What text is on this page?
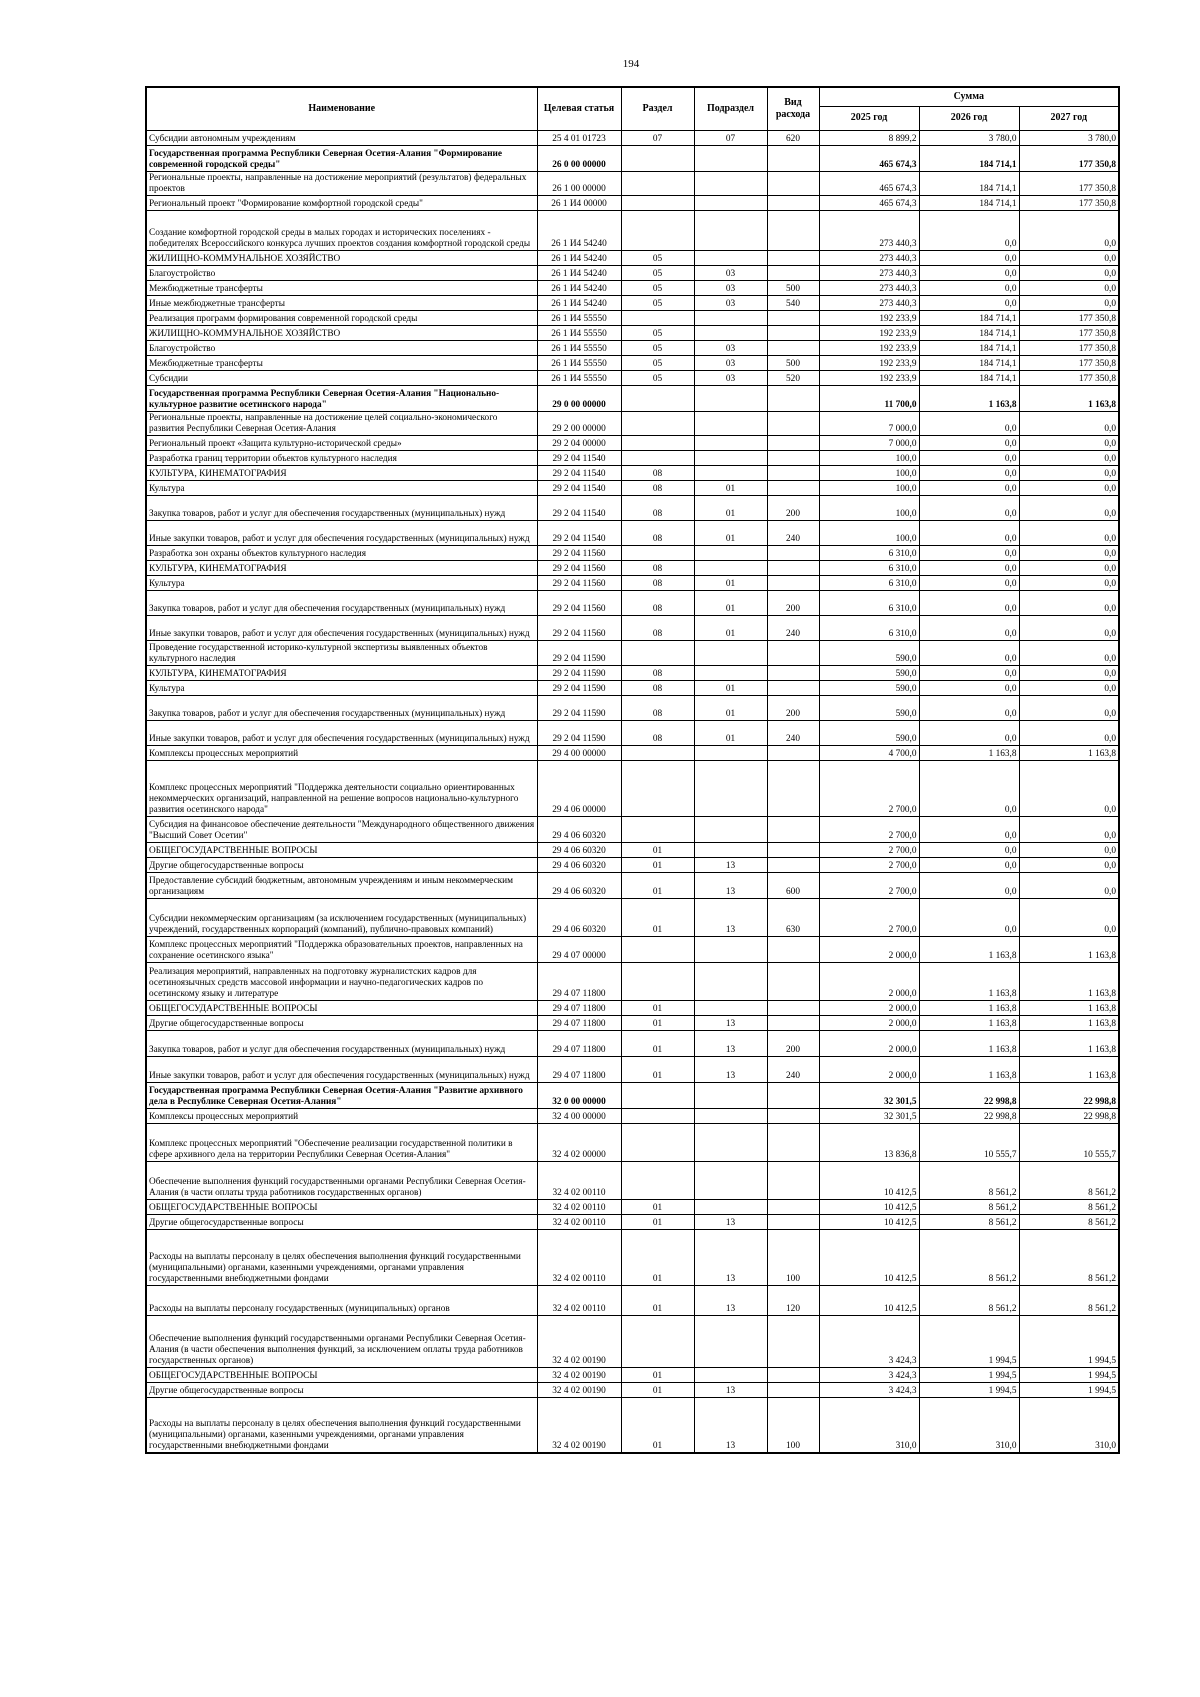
194
Наименование	Целевая статья	Раздел	Подраздел	Вид расхода	Сумма		
					2025 год	2026 год	2027 год
Субсидии автономным учреждениям	25 4 01 01723	07	07	620	8 899,2	3 780,0	3 780,0
Государственная программа Республики Северная Осетия-Алания "Формирование современной городской среды"	26 0 00 00000				465 674,3	184 714,1	177 350,8
Региональные проекты, направленные на достижение мероприятий (результатов) федеральных проектов	26 1 00 00000				465 674,3	184 714,1	177 350,8
Региональный проект "Формирование комфортной городской среды"	26 1 И4 00000				465 674,3	184 714,1	177 350,8
Создание комфортной городской среды в малых городах и исторических поселениях - победителях Всероссийского конкурса лучших проектов создания комфортной городской среды	26 1 И4 54240				273 440,3	0,0	0,0
ЖИЛИЩНО-КОММУНАЛЬНОЕ ХОЗЯЙСТВО	26 1 И4 54240	05			273 440,3	0,0	0,0
Благоустройство	26 1 И4 54240	05	03		273 440,3	0,0	0,0
Межбюджетные трансферты	26 1 И4 54240	05	03	500	273 440,3	0,0	0,0
Иные межбюджетные трансферты	26 1 И4 54240	05	03	540	273 440,3	0,0	0,0
Реализация программ формирования современной городской среды	26 1 И4 55550				192 233,9	184 714,1	177 350,8
ЖИЛИЩНО-КОММУНАЛЬНОЕ ХОЗЯЙСТВО	26 1 И4 55550	05			192 233,9	184 714,1	177 350,8
Благоустройство	26 1 И4 55550	05	03		192 233,9	184 714,1	177 350,8
Межбюджетные трансферты	26 1 И4 55550	05	03	500	192 233,9	184 714,1	177 350,8
Субсидии	26 1 И4 55550	05	03	520	192 233,9	184 714,1	177 350,8
Государственная программа Республики Северная Осетия-Алания "Национально-культурное развитие осетинского народа"	29 0 00 00000				11 700,0	1 163,8	1 163,8
Региональные проекты, направленные на достижение целей социально-экономического развития Республики Северная Осетия-Алания	29 2 00 00000				7 000,0	0,0	0,0
Региональный проект «Защита культурно-исторической среды»	29 2 04 00000				7 000,0	0,0	0,0
Разработка границ территории объектов культурного наследия	29 2 04 11540				100,0	0,0	0,0
КУЛЬТУРА, КИНЕМАТОГРАФИЯ	29 2 04 11540	08			100,0	0,0	0,0
Культура	29 2 04 11540	08	01		100,0	0,0	0,0
Закупка товаров, работ и услуг для обеспечения государственных (муниципальных) нужд	29 2 04 11540	08	01	200	100,0	0,0	0,0
Иные закупки товаров, работ и услуг для обеспечения государственных (муниципальных) нужд	29 2 04 11540	08	01	240	100,0	0,0	0,0
Разработка зон охраны объектов культурного наследия	29 2 04 11560				6 310,0	0,0	0,0
КУЛЬТУРА, КИНЕМАТОГРАФИЯ	29 2 04 11560	08			6 310,0	0,0	0,0
Культура	29 2 04 11560	08	01		6 310,0	0,0	0,0
Закупка товаров, работ и услуг для обеспечения государственных (муниципальных) нужд	29 2 04 11560	08	01	200	6 310,0	0,0	0,0
Иные закупки товаров, работ и услуг для обеспечения государственных (муниципальных) нужд	29 2 04 11560	08	01	240	6 310,0	0,0	0,0
Проведение государственной историко-культурной экспертизы выявленных объектов культурного наследия	29 2 04 11590				590,0	0,0	0,0
КУЛЬТУРА, КИНЕМАТОГРАФИЯ	29 2 04 11590	08			590,0	0,0	0,0
Культура	29 2 04 11590	08	01		590,0	0,0	0,0
Закупка товаров, работ и услуг для обеспечения государственных (муниципальных) нужд	29 2 04 11590	08	01	200	590,0	0,0	0,0
Иные закупки товаров, работ и услуг для обеспечения государственных (муниципальных) нужд	29 2 04 11590	08	01	240	590,0	0,0	0,0
Комплексы процессных мероприятий	29 4 00 00000				4 700,0	1 163,8	1 163,8
Комплекс процессных мероприятий "Поддержка деятельности социально ориентированных некоммерческих организаций, направленной на решение вопросов национально-культурного развития осетинского народа"	29 4 06 00000				2 700,0	0,0	0,0
Субсидия на финансовое обеспечение деятельности "Международного общественного движения "Высший Совет Осетии"	29 4 06 60320				2 700,0	0,0	0,0
ОБЩЕГОСУДАРСТВЕННЫЕ ВОПРОСЫ	29 4 06 60320	01			2 700,0	0,0	0,0
Другие общегосударственные вопросы	29 4 06 60320	01	13		2 700,0	0,0	0,0
Предоставление субсидий бюджетным, автономным учреждениям и иным некоммерческим организациям	29 4 06 60320	01	13	600	2 700,0	0,0	0,0
Субсидии некоммерческим организациям (за исключением государственных (муниципальных) учреждений, государственных корпораций (компаний), публично-правовых компаний)	29 4 06 60320	01	13	630	2 700,0	0,0	0,0
Комплекс процессных мероприятий "Поддержка образовательных проектов, направленных на сохранение осетинского языка"	29 4 07 00000				2 000,0	1 163,8	1 163,8
Реализация мероприятий, направленных на подготовку журналистских кадров для осетиноязычных средств массовой информации и научно-педагогических кадров по осетинскому языку и литературе	29 4 07 11800				2 000,0	1 163,8	1 163,8
ОБЩЕГОСУДАРСТВЕННЫЕ ВОПРОСЫ	29 4 07 11800	01			2 000,0	1 163,8	1 163,8
Другие общегосударственные вопросы	29 4 07 11800	01	13		2 000,0	1 163,8	1 163,8
Закупка товаров, работ и услуг для обеспечения государственных (муниципальных) нужд	29 4 07 11800	01	13	200	2 000,0	1 163,8	1 163,8
Иные закупки товаров, работ и услуг для обеспечения государственных (муниципальных) нужд	29 4 07 11800	01	13	240	2 000,0	1 163,8	1 163,8
Государственная программа Республики Северная Осетия-Алания "Развитие архивного дела в Республике Северная Осетия-Алания"	32 0 00 00000				32 301,5	22 998,8	22 998,8
Комплексы процессных мероприятий	32 4 00 00000				32 301,5	22 998,8	22 998,8
Комплекс процессных мероприятий "Обеспечение реализации государственной политики в сфере архивного дела на территории Республики Северная Осетия-Алания"	32 4 02 00000				13 836,8	10 555,7	10 555,7
Обеспечение выполнения функций государственными органами Республики Северная Осетия-Алания (в части оплаты труда работников государственных органов)	32 4 02 00110				10 412,5	8 561,2	8 561,2
ОБЩЕГОСУДАРСТВЕННЫЕ ВОПРОСЫ	32 4 02 00110	01			10 412,5	8 561,2	8 561,2
Другие общегосударственные вопросы	32 4 02 00110	01	13		10 412,5	8 561,2	8 561,2
Расходы на выплаты персоналу в целях обеспечения выполнения функций государственными (муниципальными) органами, казенными учреждениями, органами управления государственными внебюджетными фондами	32 4 02 00110	01	13	100	10 412,5	8 561,2	8 561,2
Расходы на выплаты персоналу государственных (муниципальных) органов	32 4 02 00110	01	13	120	10 412,5	8 561,2	8 561,2
Обеспечение выполнения функций государственными органами Республики Северная Осетия-Алания (в части обеспечения выполнения функций, за исключением оплаты труда работников государственных органов)	32 4 02 00190				3 424,3	1 994,5	1 994,5
ОБЩЕГОСУДАРСТВЕННЫЕ ВОПРОСЫ	32 4 02 00190	01			3 424,3	1 994,5	1 994,5
Другие общегосударственные вопросы	32 4 02 00190	01	13		3 424,3	1 994,5	1 994,5
Расходы на выплаты персоналу в целях обеспечения выполнения функций государственными (муниципальными) органами, казенными учреждениями, органами управления государственными внебюджетными фондами	32 4 02 00190	01	13	100	310,0	310,0	310,0
